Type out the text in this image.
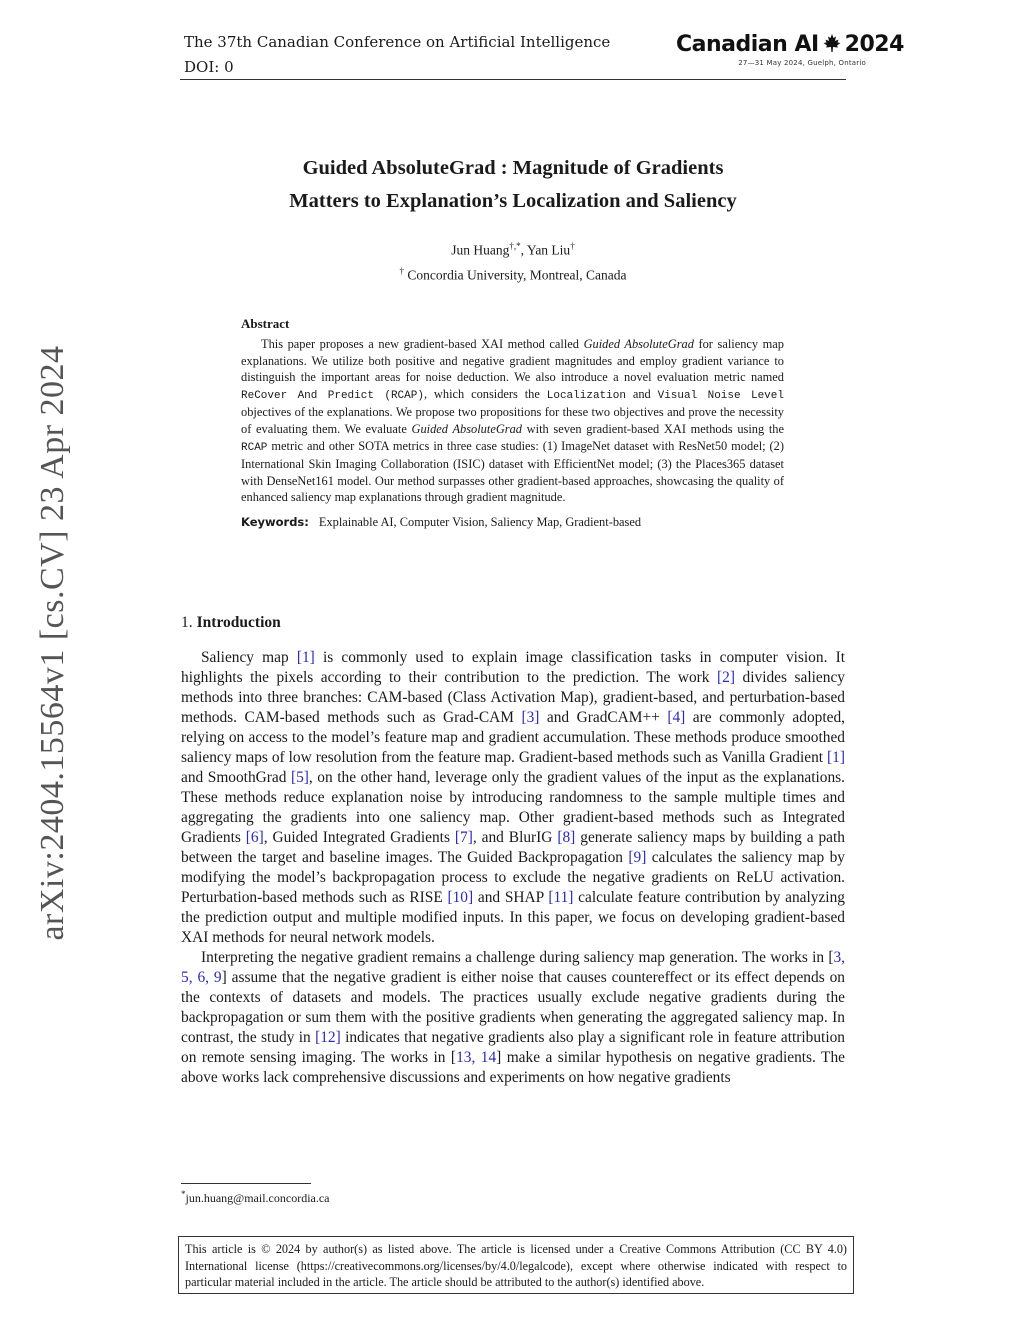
The 37th Canadian Conference on Artificial Intelligence
DOI: 0
Canadian AI 2024
27—31 May 2024, Guelph, Ontario
arXiv:2404.15564v1 [cs.CV] 23 Apr 2024
Guided AbsoluteGrad : Magnitude of Gradients
Matters to Explanation’s Localization and Saliency
Jun Huang†,*, Yan Liu†
† Concordia University, Montreal, Canada
Abstract
This paper proposes a new gradient-based XAI method called Guided AbsoluteGrad for saliency map explanations. We utilize both positive and negative gradient magnitudes and employ gradient variance to distinguish the important areas for noise deduction. We also introduce a novel evaluation metric named ReCover And Predict (RCAP), which considers the Localization and Visual Noise Level objectives of the explanations. We propose two propositions for these two objectives and prove the necessity of evaluating them. We evaluate Guided AbsoluteGrad with seven gradient-based XAI methods using the RCAP metric and other SOTA metrics in three case studies: (1) ImageNet dataset with ResNet50 model; (2) International Skin Imaging Collaboration (ISIC) dataset with EfficientNet model; (3) the Places365 dataset with DenseNet161 model. Our method surpasses other gradient-based approaches, showcasing the quality of enhanced saliency map explanations through gradient magnitude.
Keywords: Explainable AI, Computer Vision, Saliency Map, Gradient-based
1. Introduction

Saliency map [1] is commonly used to explain image classification tasks in computer vision. It highlights the pixels according to their contribution to the prediction. The work [2] divides saliency methods into three branches: CAM-based (Class Activation Map), gradient-based, and perturbation-based methods. CAM-based methods such as Grad-CAM [3] and GradCAM++ [4] are commonly adopted, relying on access to the model’s feature map and gradient accumulation. These methods produce smoothed saliency maps of low resolution from the feature map. Gradient-based methods such as Vanilla Gradient [1] and SmoothGrad [5], on the other hand, leverage only the gradient values of the input as the explanations. These methods reduce explanation noise by introducing randomness to the sample multiple times and aggregating the gradients into one saliency map. Other gradient-based methods such as Integrated Gradients [6], Guided Integrated Gradients [7], and BlurIG [8] generate saliency maps by building a path between the target and baseline images. The Guided Backpropagation [9] calculates the saliency map by modifying the model’s backpropagation process to exclude the negative gradients on ReLU activation. Perturbation-based methods such as RISE [10] and SHAP [11] calculate feature contribution by analyzing the prediction output and multiple modified inputs. In this paper, we focus on developing gradient-based XAI methods for neural network models.

Interpreting the negative gradient remains a challenge during saliency map generation. The works in [3, 5, 6, 9] assume that the negative gradient is either noise that causes countereffect or its effect depends on the contexts of datasets and models. The practices usually exclude negative gradients during the backpropagation or sum them with the positive gradients when generating the aggregated saliency map. In contrast, the study in [12] indicates that negative gradients also play a significant role in feature attribution on remote sensing imaging. The works in [13, 14] make a similar hypothesis on negative gradients. The above works lack comprehensive discussions and experiments on how negative gradients

*jun.huang@mail.concordia.ca
This article is © 2024 by author(s) as listed above. The article is licensed under a Creative Commons Attribution (CC BY 4.0) International license (https://creativecommons.org/licenses/by/4.0/legalcode), except where otherwise indicated with respect to particular material included in the article. The article should be attributed to the author(s) identified above.
